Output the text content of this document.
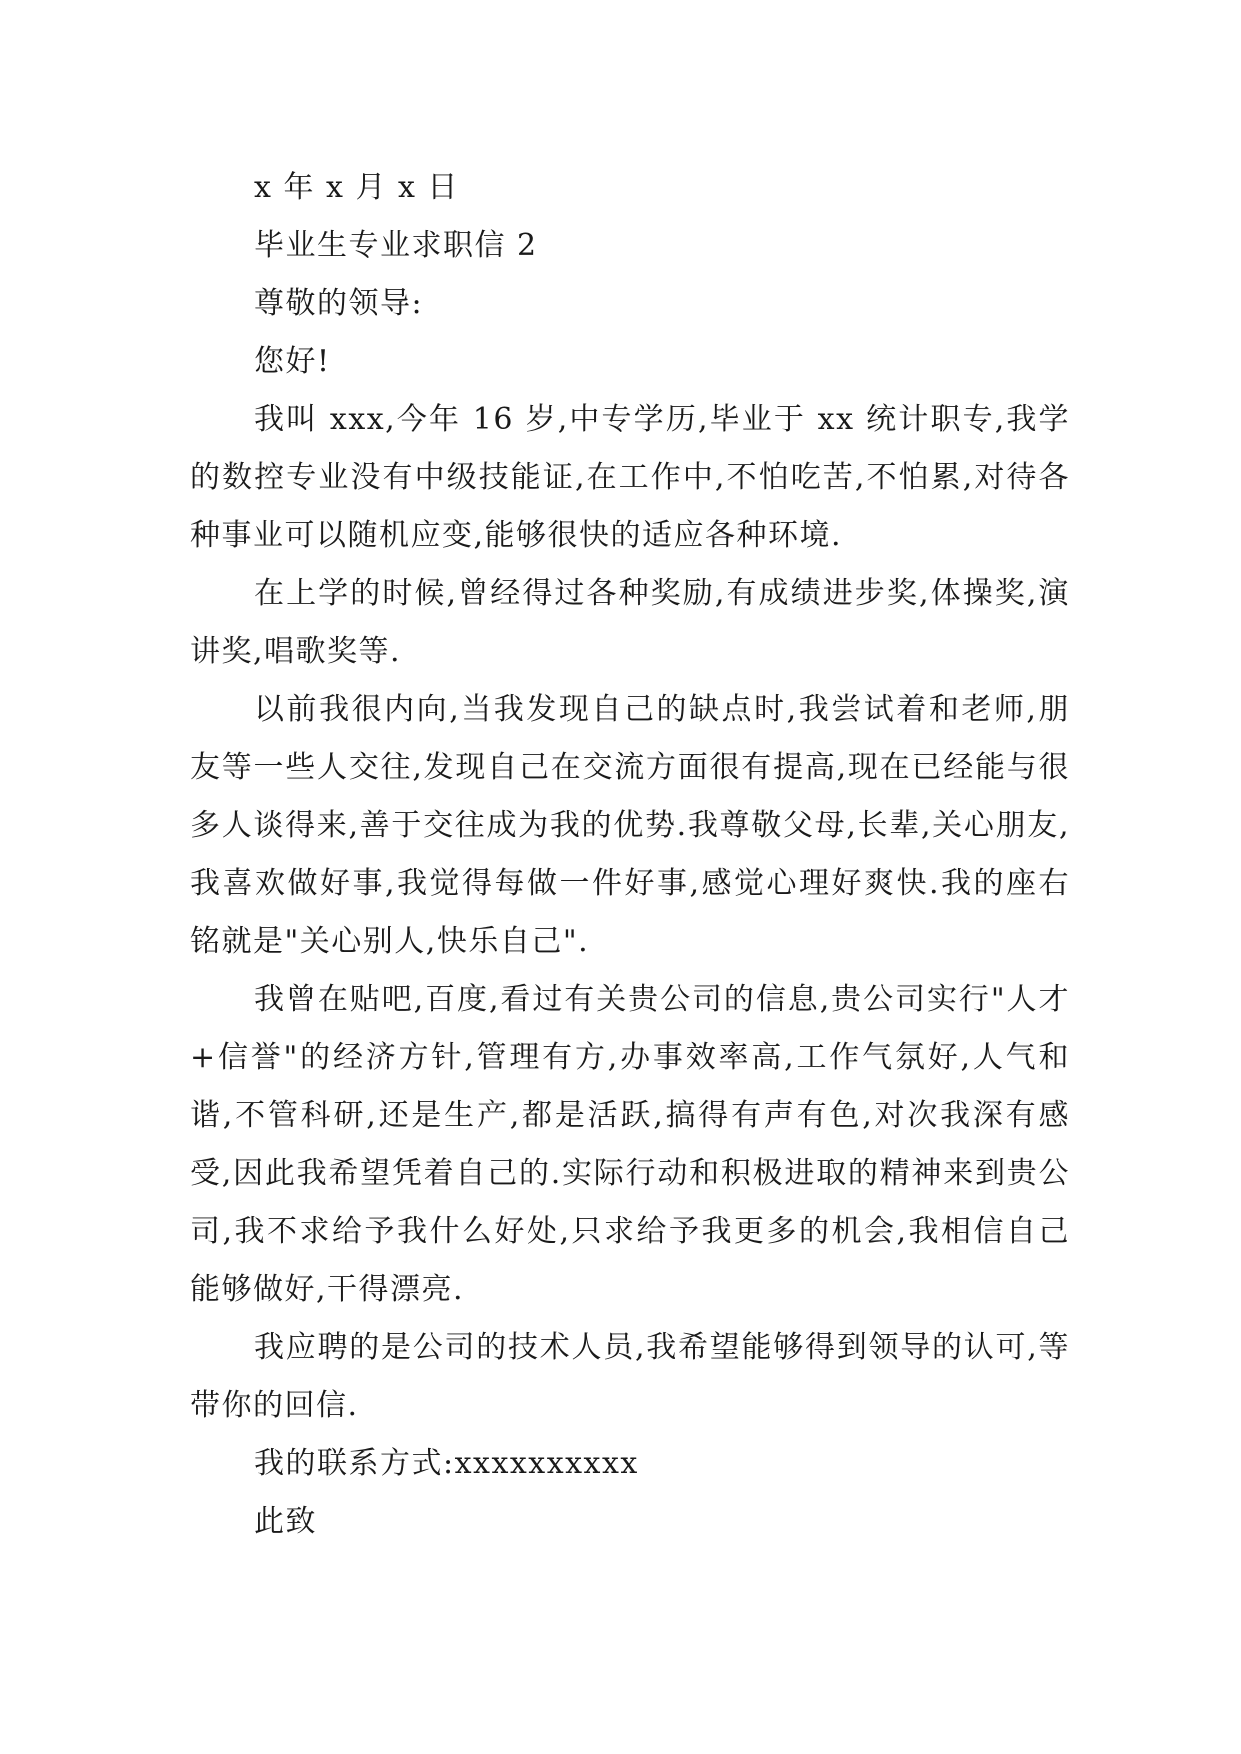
x 年 x 月 x 日

毕业生专业求职信 2

尊敬的领导:

您好!

我叫 xxx,今年 16 岁,中专学历,毕业于 xx 统计职专,我学的数控专业没有中级技能证,在工作中,不怕吃苦,不怕累,对待各种事业可以随机应变,能够很快的适应各种环境.

在上学的时候,曾经得过各种奖励,有成绩进步奖,体操奖,演讲奖,唱歌奖等.

以前我很内向,当我发现自己的缺点时,我尝试着和老师,朋友等一些人交往,发现自己在交流方面很有提高,现在已经能与很多人谈得来,善于交往成为我的优势.我尊敬父母,长辈,关心朋友,我喜欢做好事,我觉得每做一件好事,感觉心理好爽快.我的座右铭就是"关心别人,快乐自己".

我曾在贴吧,百度,看过有关贵公司的信息,贵公司实行"人才+信誉"的经济方针,管理有方,办事效率高,工作气氛好,人气和谐,不管科研,还是生产,都是活跃,搞得有声有色,对次我深有感受,因此我希望凭着自己的.实际行动和积极进取的精神来到贵公司,我不求给予我什么好处,只求给予我更多的机会,我相信自己能够做好,干得漂亮.

我应聘的是公司的技术人员,我希望能够得到领导的认可,等带你的回信.

我的联系方式:xxxxxxxxxx

此致
